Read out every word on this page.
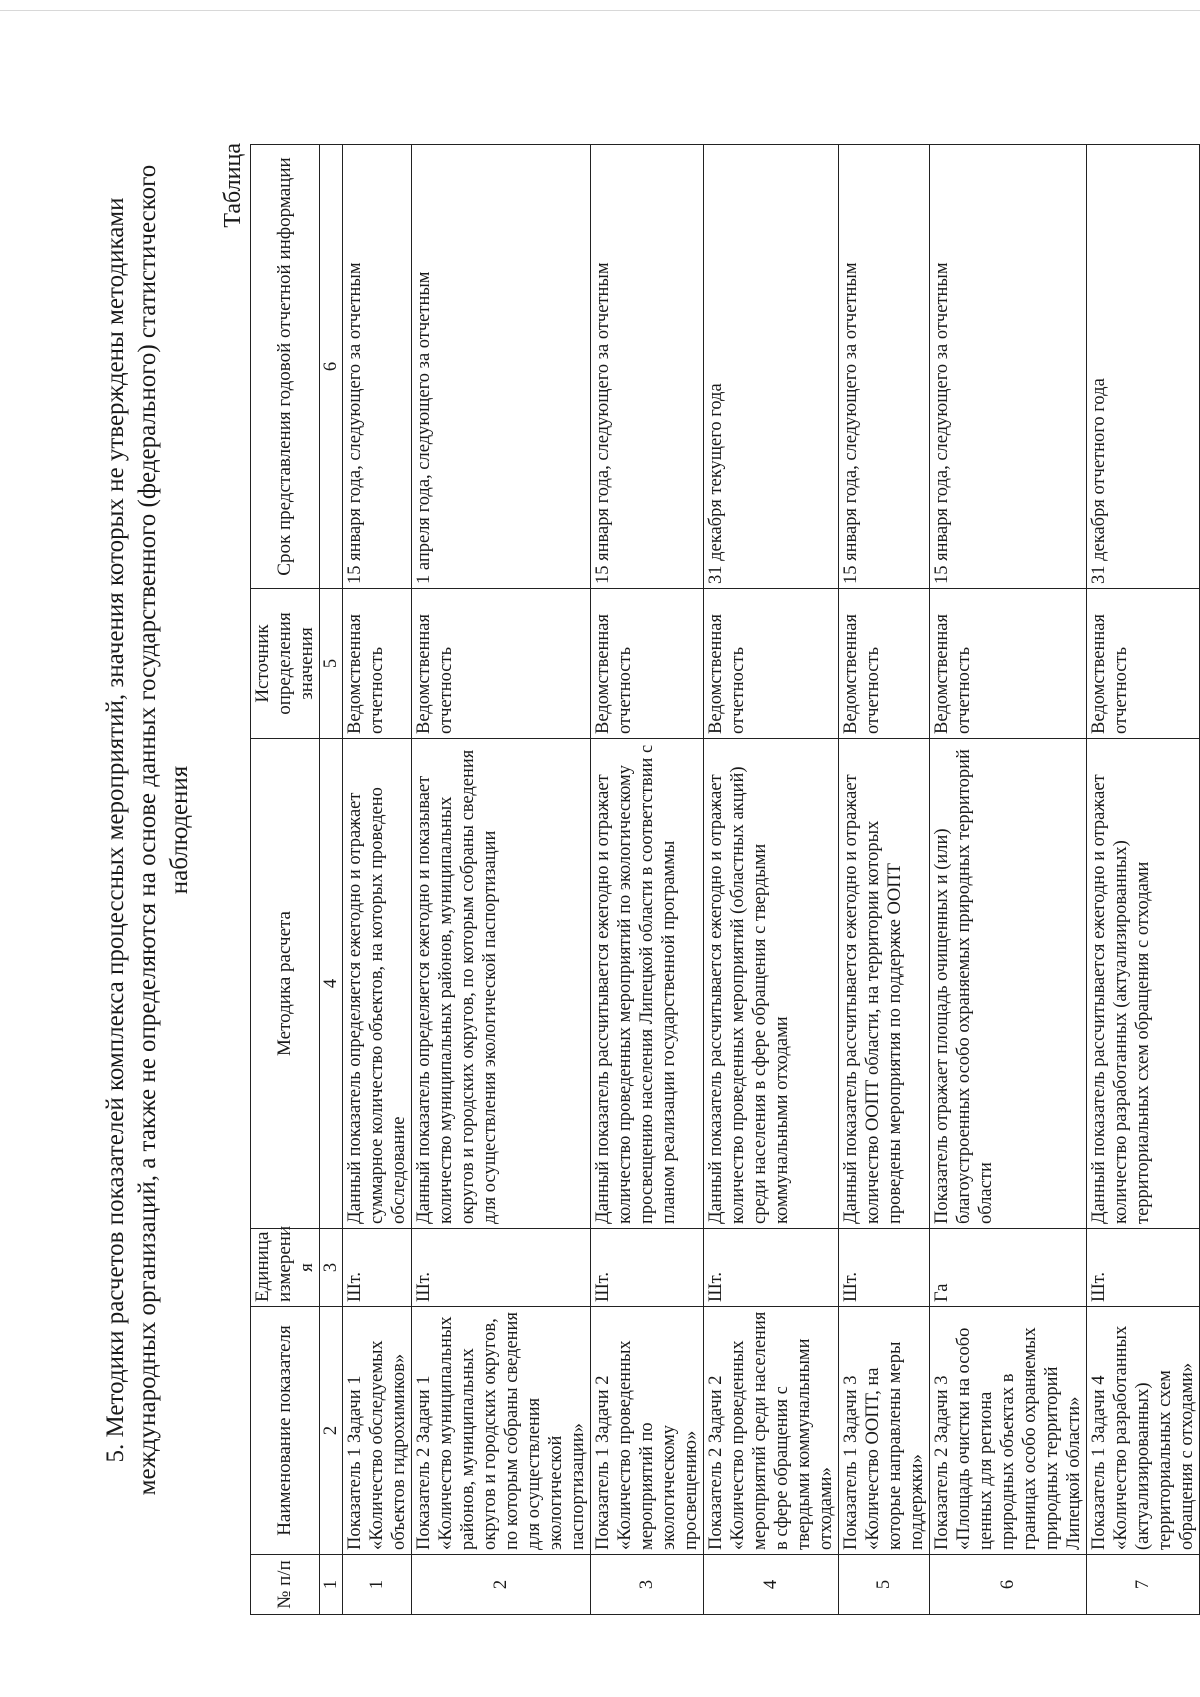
5. Методики расчетов показателей комплекса процессных мероприятий, значения которых не утверждены методиками международных организаций, а также не определяются на основе данных государственного (федерального) статистического наблюдения
Таблица
№ п/п	Наименование показателя	Единица измерени я	Методика расчета	Источник определения значения	Срок представления годовой отчетной информации
1	2	3	4	5	6
1	Показатель 1 Задачи 1 «Количество обследуемых объектов гидрохимиков»	Шт.	Данный показатель определяется ежегодно и отражает суммарное количество объектов, на которых проведено обследование	Ведомственная отчетность	15 января года, следующего за отчетным
2	Показатель 2 Задачи 1 «Количество муниципальных районов, муниципальных округов и городских округов, по которым собраны сведения для осуществления экологической паспортизации»	Шт.	Данный показатель определяется ежегодно и показывает количество муниципальных районов, муниципальных округов и городских округов, по которым собраны сведения для осуществления экологической паспортизации	Ведомственная отчетность	1 апреля года, следующего за отчетным
3	Показатель 1 Задачи 2 «Количество проведенных мероприятий по экологическому просвещению»	Шт.	Данный показатель рассчитывается ежегодно и отражает количество проведенных мероприятий по экологическому просвещению населения Липецкой области в соответствии с планом реализации государственной программы	Ведомственная отчетность	15 января года, следующего за отчетным
4	Показатель 2 Задачи 2 «Количество проведенных мероприятий среди населения в сфере обращения с твердыми коммунальными отходами»	Шт.	Данный показатель рассчитывается ежегодно и отражает количество проведенных мероприятий (областных акций) среди населения в сфере обращения с твердыми коммунальными отходами	Ведомственная отчетность	31 декабря текущего года
5	Показатель 1 Задачи 3 «Количество ООПТ, на которые направлены меры поддержки»	Шт.	Данный показатель рассчитывается ежегодно и отражает количество ООПТ области, на территории которых проведены мероприятия по поддержке ООПТ	Ведомственная отчетность	15 января года, следующего за отчетным
6	Показатель 2 Задачи 3 «Площадь очистки на особо ценных для региона природных объектах в границах особо охраняемых природных территорий Липецкой области»	Га	Показатель отражает площадь очищенных и (или) благоустроенных особо охраняемых природных территорий области	Ведомственная отчетность	15 января года, следующего за отчетным
7	Показатель 1 Задачи 4 «Количество разработанных (актуализированных) территориальных схем обращения с отходами»	Шт.	Данный показатель рассчитывается ежегодно и отражает количество разработанных (актуализированных) территориальных схем обращения с отходами	Ведомственная отчетность	31 декабря отчетного года
